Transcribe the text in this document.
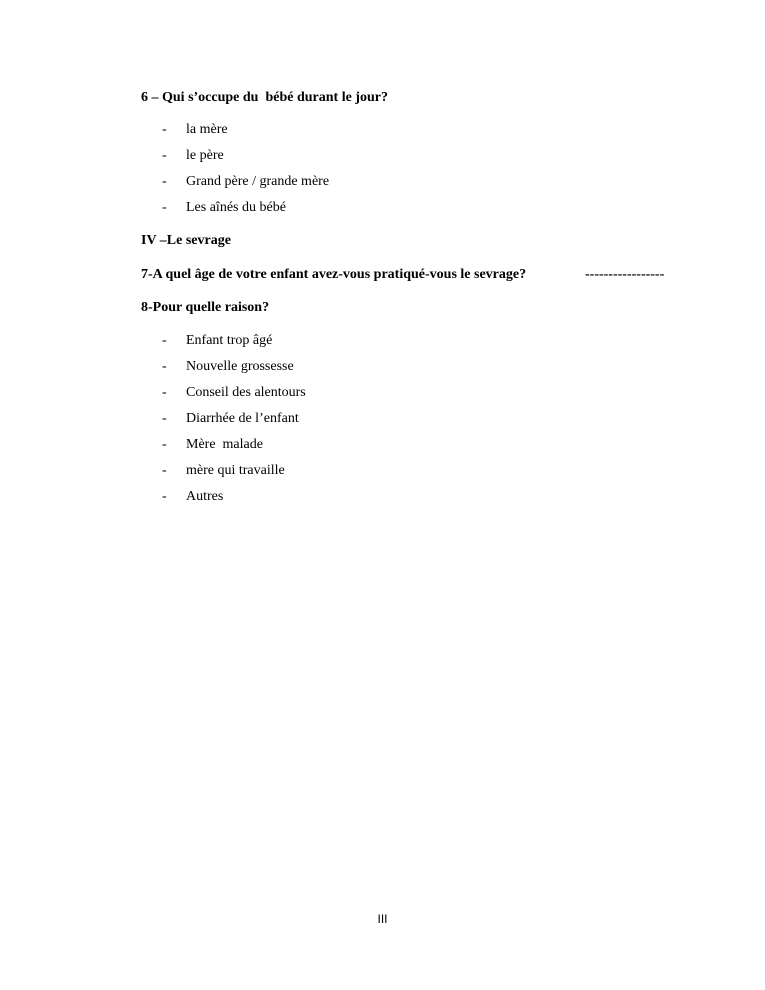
6 – Qui s’occupe du  bébé durant le jour?
- la mère
- le père
- Grand père / grande mère
- Les aînés du bébé
IV –Le sevrage
7-A quel âge de votre enfant avez-vous pratiqué-vous le sevrage?	-----------------
8-Pour quelle raison?
- Enfant trop âgé
- Nouvelle grossesse
- Conseil des alentours
- Diarrhée de l’enfant
- Mère  malade
- mère qui travaille
- Autres
III
